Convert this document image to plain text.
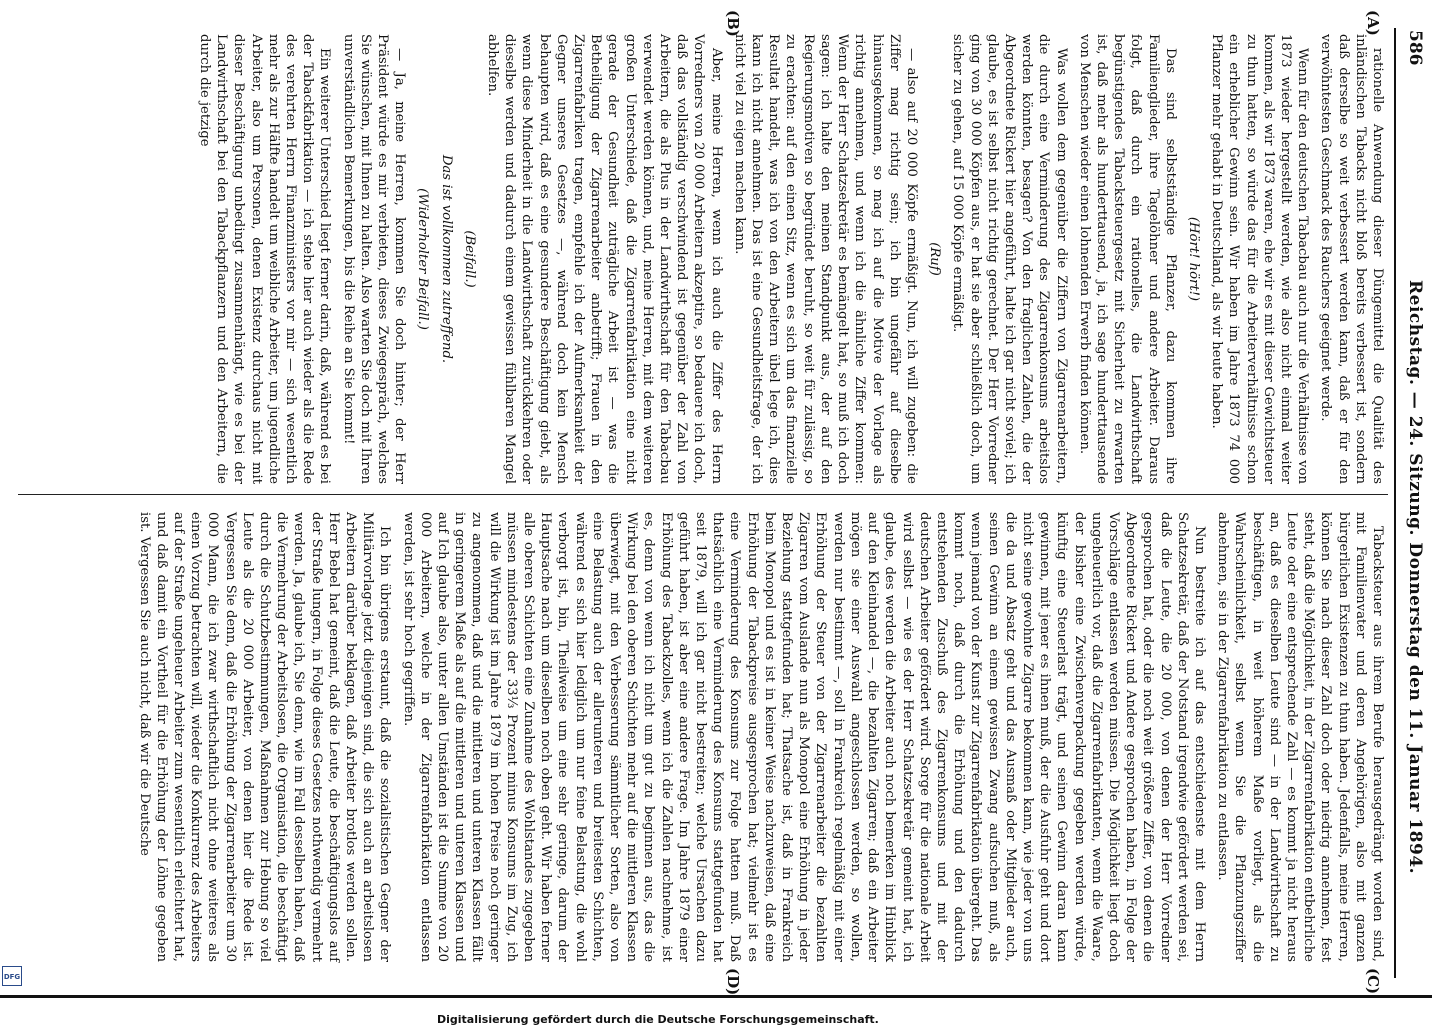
586
Reichstag. — 24. Sitzung. Donnerstag den 11. Januar 1894.
(A)
(B)
(C)
(D)

rationelle Anwendung dieser Düngemittel die Qualität des inländischen Tabacks nicht bloß bereits verbessert ist, sondern daß derselbe so weit verbessert werden kann, daß er für den verwöhntesten Geschmack des Rauchers geeignet werde.

Wenn für den deutschen Tabacbau auch nur die Verhältnisse von 1873 wieder hergestellt werden, wie also nicht einmal weiter kommen, als wir 1873 waren, ehe wir es mit dieser Gewichtsteuer zu thun hatten, so würde das für die Arbeiterverhältnisse schon ein erheblicher Gewinn sein. Wir haben im Jahre 1873 74 000 Pflanzer mehr gehabt in Deutschland, als wir heute haben.

(Hört! hört!)

Das sind selbstständige Pflanzer, dazu kommen ihre Familienglieder, ihre Tagelöhner und andere Arbeiter. Daraus folgt, daß durch ein rationelles, die Landwirthschaft begünstigendes Tabacksteuergesetz mit Sicherheit zu erwarten ist, daß mehr als hunderttausend, ja, ich sage hunderttausende von Menschen wieder einen lohnenden Erwerb finden können.

Was wollen dem gegenüber die Ziffern von Zigarrenarbeitern, die durch eine Verminderung des Zigarrenkonsums arbeitslos werden könnten, besagen? Von den fraglichen Zahlen, die der Abgeordnete Rickert hier angeführt, halte ich gar nicht soviel; ich glaube, es ist selbst nicht richtig gerechnet. Der Herr Vorredner ging von 30 000 Köpfen aus, er hat sie aber schließlich doch, um sicher zu gehen, auf 15 000 Köpfe ermäßigt.

(Ruf)

— also auf 20 000 Köpfe ermäßigt. Nun, ich will zugeben: die Ziffer mag richtig sein; ich bin ungefähr auf dieselbe hinausgekommen, so mag ich auf die Motive der Vorlage als richtig annehmen, und wenn ich die ähnliche Ziffer kommen: Wenn der Herr Schatzsekretär es bemängelt hat, so muß ich doch sagen: ich halte den meinen Standpunkt aus, der auf den Regierungsmotiven so begründet beruht, so weit für zulässig, so zu erachten: auf den einen Sitz, wenn es sich um das finanzielle Resultat handelt, was ich von den Arbeitern übel lege ich, dies kann ich nicht annehmen. Das ist eine Gesundheitsfrage, der ich nicht viel zu eigen machen kann.

Aber, meine Herren, wenn ich auch die Ziffer des Herrn Vorredners von 20 000 Arbeitern akzeptire, so bedauere ich doch, daß das vollständig verschwindend ist gegenüber der Zahl von Arbeitern, die als Plus in der Landwirthschaft für den Tabacbau verwendet werden können, und, meine Herren, mit dem weiteren großen Unterschiede, daß die Zigarrenfabrikation eine nicht gerade der Gesundheit zuträgliche Arbeit ist — was die Betheiligung der Zigarrenarbeiter anbetrifft; Frauen in den Zigarrenfabriken tragen, empfehle ich der Aufmerksamkeit der Gegner unseres Gesetzes —, während doch kein Mensch behaupten wird, daß es eine gesundere Beschäftigung giebt, als wenn diese Minderheit in die Landwirthschaft zurückkehren oder dieselbe werden und dadurch einem gewissen fühlbaren Mangel abhelfen.

(Beifall.)

Das ist vollkommen zutreffend.

(Widerholter Beifall.)

— Ja, meine Herren, kommen Sie doch hinter; der Herr Präsident würde es mir verbieten, dieses Zwiegespräch, welches Sie wünschen, mit Ihnen zu halten. Also warten Sie doch mit Ihren unverständlichen Bemerkungen, bis die Reihe an Sie kommt!

Ein weiterer Unterschied liegt ferner darin, daß, während es bei der Tabackfabrikation — ich stehe hier auch wieder als die Rede des verehrten Herrn Finanzministers vor mir — sich wesentlich mehr als zur Hälfte handelt um weibliche Arbeiter, um jugendliche Arbeiter, also um Personen, denen Existenz durchaus nicht mit dieser Beschäftigung unbedingt zusammenhängt, wie es bei der Landwirthschaft bei den Tabackpflanzern und den Arbeitern, die durch die jetzige

Tabacksteuer aus ihrem Berufe herausgedrängt worden sind, mit Familienvater und deren Angehörigen, also mit ganzen bürgerlichen Existenzen zu thun haben. Jedenfalls, meine Herren, können Sie nach dieser Zahl doch oder niedrig annehmen, fest steht, daß die Möglichkeit, in der Zigarrenfabrikation entbehrliche Leute oder eine entsprechende Zahl — es kommt ja nicht heraus an, daß es dieselben Leute sind — in der Landwirthschaft zu beschäftigen, in weit höherem Maße vorliegt, als die Wahrscheinlichkeit, selbst wenn Sie die Pflanzungsziffer abnehmen, sie in der Zigarrenfabrikation zu entlassen.

Nun bestreite ich auf das entschiedenste mit dem Herrn Schatzsekretär, daß der Notstand irgendwie gefördert werden sei, daß die Leute, die 20 000, von denen der Herr Vorredner gesprochen hat, oder die noch weit größere Ziffer, von denen die Abgeordnete Rickert und Andere gesprochen haben, in Folge der Vorschläge entlassen werden müssen. Die Möglichkeit liegt doch ungeheuerlich vor, daß die Zigarrenfabrikanten, wenn die Waare, der bisher eine Zwischenverpackung gegeben werden würde, künftig eine Steuerlast trägt, und seinen Gewinn daran kann gewinnen, mit jener es ihnen muß, der die Ausfuhr geht und dort nicht seine gewohnte Zigarre bekommen kann, wie jeder von uns die da und Absatz geht und das Ausmaß oder Mitglieder auch, seinen Gewinn an einem gewissen Zwang aufsuchen muß, als wenn jemand von der Kunst zur Zigarrenfabrikation übergeht. Das kommt noch, daß durch die Erhöhung und den dadurch entstehenden Zuschuß des Zigarrenkonsums und mit der deutschen Arbeiter gefördert wird. Sorge für die nationale Arbeit wird selbst — wie es der Herr Schatzsekretär gemeint hat, ich glaube, des werden die Arbeiter auch noch bemerken im Hinblick auf den Kleinhandel —, die bezahlten Zigarren; daß ein Arbeiter mögen sie einer Auswahl angeschlossen werden, so wollen, werden nur bestimmt —, soll in Frankreich regelmäßig mit einer Erhöhung der Steuer von der Zigarrenarbeiter die bezahlten Zigarren vom Auslande nun als Monopol eine Erhöhung in jeder Beziehung stattgefunden hat; Thatsache ist, daß in Frankreich beim Monopol und es ist in keiner Weise nachzuweisen, daß eine Erhöhung der Tabackpreise ausgesprochen hat; vielmehr ist es eine Verminderung des Konsums zur Folge hatten muß. Daß thatsächlich eine Verminderung des Konsums stattgefunden hat seit 1879, will ich gar nicht bestreiten; welche Ursachen dazu geführt haben, ist aber eine andere Frage. Im Jahre 1879 einer Erhöhung des Tabackzolles, wenn ich die Zahlen nachnehme, ist es, denn von wenn ich nicht um gut zu beginnen aus, das die Wirkung bei den oberen Schichten mehr auf die mittleren Klassen überwiegt, mit den Verbesserung sämmtlicher Sorten, also von eine Belastung auch der allerunteren und breitesten Schichten, während es sich hier lediglich um nur feine Belastung, die wohl verborgt ist, bin, Theilweise um eine sehr geringe, darum der Hauptsache nach um dieselben noch oben geht. Wir haben ferner alle oberen Schichten eine Zunahme des Wohlstandes zugegeben müssen mindestens der 33⅓ Prozent minus Konsums im Zug, ich will die Wirkung ist im Jahre 1879 im hohen Preise noch geringer zu angenommen, daß und die mittleren und unteren Klassen fällt in geringerem Maße als auf die mittleren und unteren Klassen und auf Ich glaube also, unter allen Umständen ist die Summe von 20 000 Arbeitern, welche in der Zigarrenfabrikation entlassen werden, ist sehr hoch gegriffen.

Ich bin übrigens erstaunt, daß die sozialistischen Gegner der Militärvorlage jetzt diejenigen sind, die sich auch an arbeitslosen Arbeitern darüber beklagen, daß Arbeiter brotlos werden sollen. Herr Bebel hat gemeint, daß die Leute, die beschäftigungslos auf der Straße lungern, in Folge dieses Gesetzes nothwendig vermehrt werden. Ja, glaube ich, Sie denn, wie im Fall desselben haben, daß die Vermehrung der Arbeitslosen, die Organisation, die beschäftigt durch die Schutzbestimmungen, Maßnahmen zur Hebung so viel Leute als die 20 000 Arbeiter, von denen hier die Rede ist. Vergessen Sie denn, daß die Erhöhung der Zigarrenarbeiter um 30 000 Mann, die ich zwar wirthschaftlich nicht ohne weiteres als einen Vorzug betrachten will, wieder die Konkurrenz des Arbeiters auf der Straße ungeheuer Arbeiter zum wesentlich erleichtert hat, und daß damit ein Vortheil für die Erhöhung der Löhne gegeben ist. Vergessen Sie auch nicht, daß wir die Deutsche

Digitalisierung gefördert durch die Deutsche Forschungsgemeinschaft.
DFG
